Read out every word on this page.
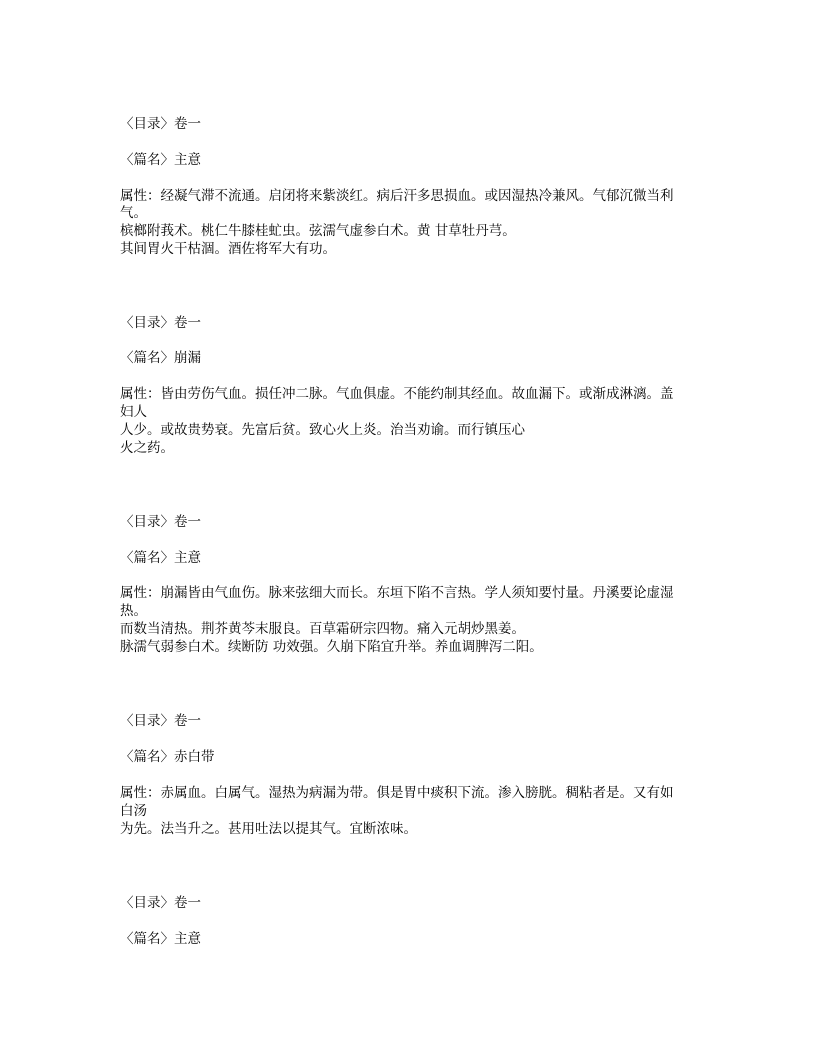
〈目录〉卷一
〈篇名〉主意
属性：经凝气滞不流通。启闭将来紫淡红。病后汗多思损血。或因湿热冷兼风。气郁沉微当利
气。
槟榔附莪术。桃仁牛膝桂虻虫。弦濡气虚参白术。黄 甘草牡丹芎。
其间胃火干枯涸。酒佐将军大有功。
〈目录〉卷一
〈篇名〉崩漏
属性：皆由劳伤气血。损任冲二脉。气血俱虚。不能约制其经血。故血漏下。或渐成淋漓。盖
妇人
人少。或故贵势衰。先富后贫。致心火上炎。治当劝谕。而行镇压心
火之药。
〈目录〉卷一
〈篇名〉主意
属性：崩漏皆由气血伤。脉来弦细大而长。东垣下陷不言热。学人须知要忖量。丹溪要论虚湿
热。
而数当清热。荆芥黄芩末服良。百草霜研宗四物。痛入元胡炒黑姜。
脉濡气弱参白术。续断防 功效强。久崩下陷宜升举。养血调脾泻二阳。
〈目录〉卷一
〈篇名〉赤白带
属性：赤属血。白属气。湿热为病漏为带。俱是胃中痰积下流。渗入膀胱。稠粘者是。又有如
白汤
为先。法当升之。甚用吐法以提其气。宜断浓味。
〈目录〉卷一
〈篇名〉主意
